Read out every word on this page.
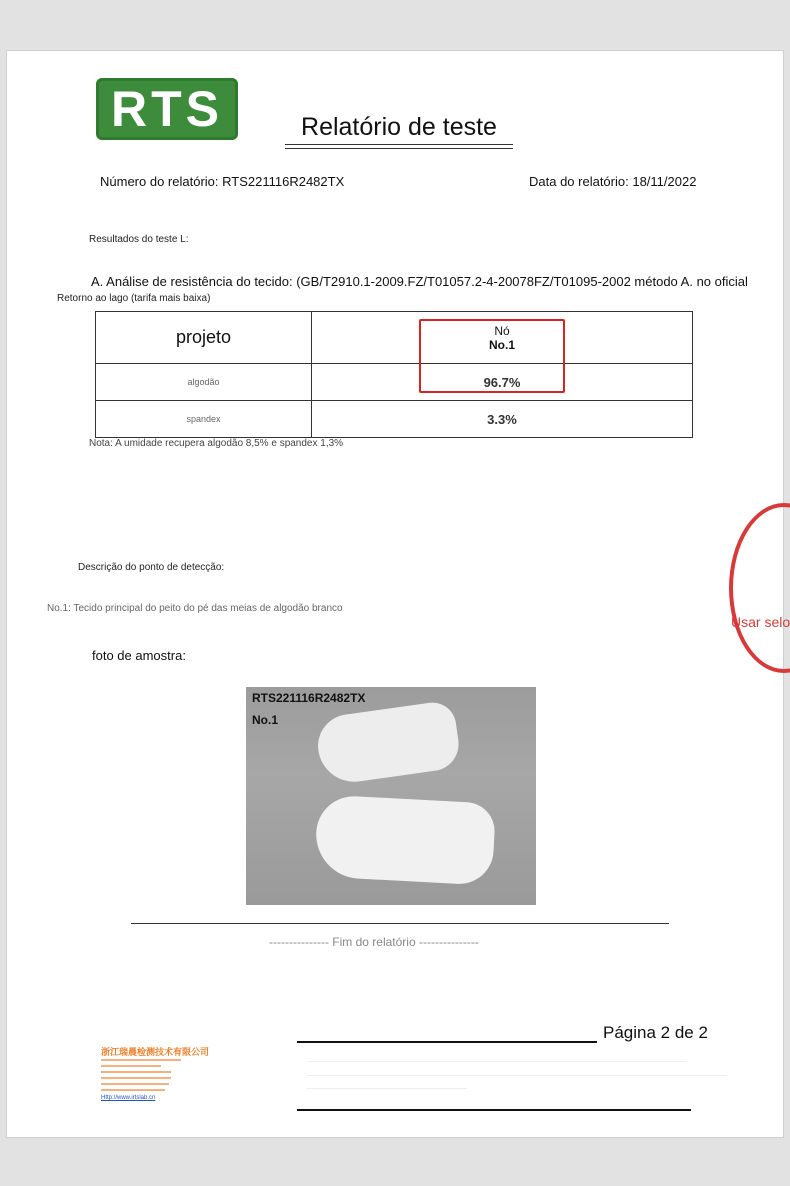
RTS	Relatório de teste
Número do relatório: RTS221116R2482TX	Data do relatório: 18/11/2022
Resultados do teste L:
A. Análise de resistência do tecido: (GB/T2910.1-2009.FZ/T01057.2-4-20078FZ/T01095-2002 método A. no oficial
Retorno ao lago (tarifa mais baixa)
projeto	Nó
No.1
algodão	96.7%
spandex	3.3%
Nota: A umidade recupera algodão 8,5% e spandex 1,3%
Descrição do ponto de detecção:
No.1: Tecido principal do peito do pé das meias de algodão branco
foto de amostra:
RTS221116R2482TX
No.1
Usar selo
--------------- Fim do relatório ---------------
Página 2 de 2
浙江瑞晨检测技术有限公司
Http://www.irtslab.cn
